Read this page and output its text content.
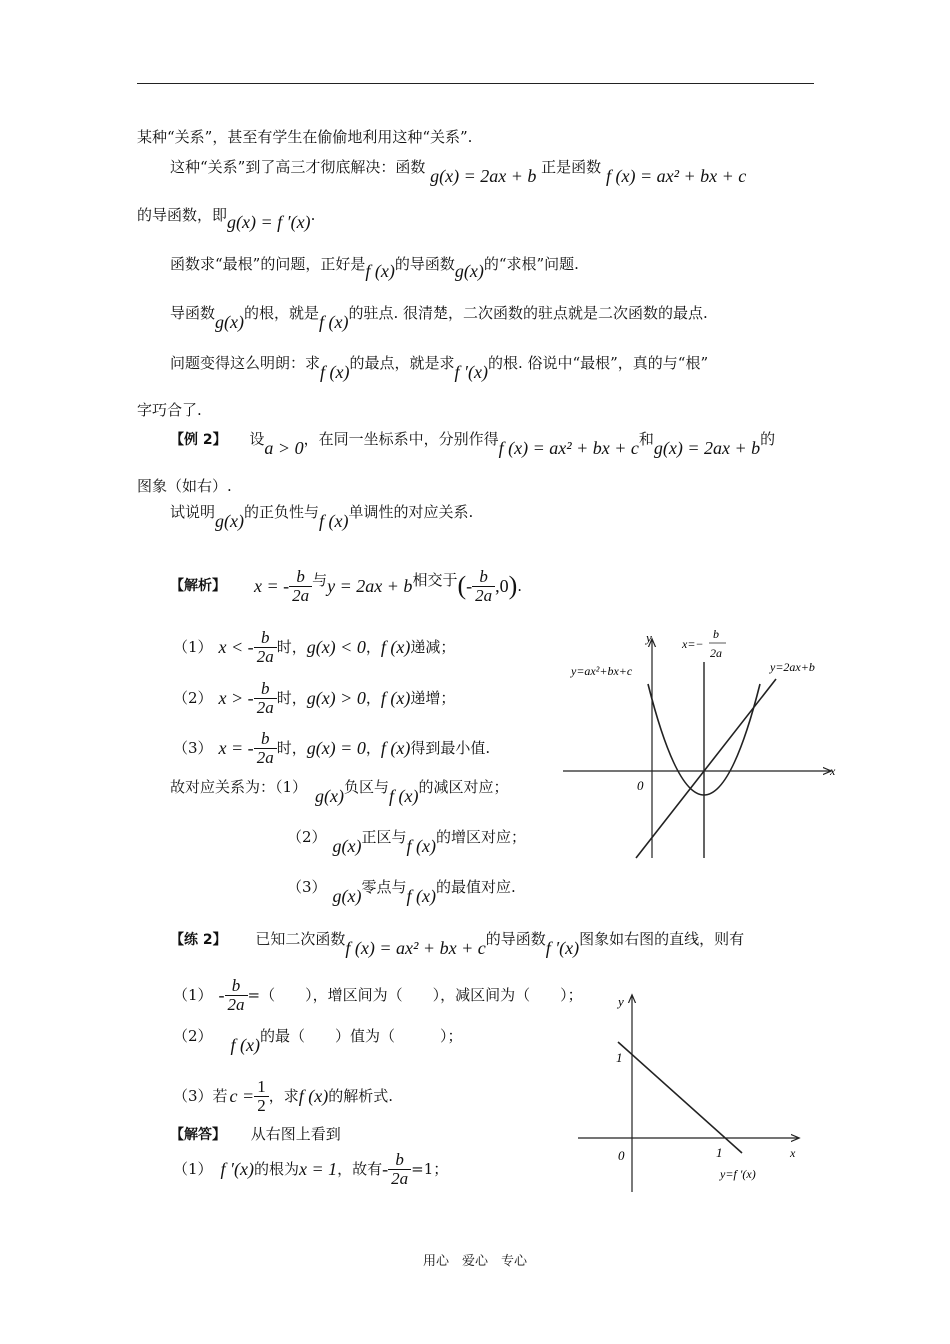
某种“关系”，甚至有学生在偷偷地利用这种“关系”.
这种“关系”到了高三才彻底解决：函数 g(x) = 2ax + b 正是函数 f (x) = ax² + bx + c
的导函数，即g(x) = f ′(x).
函数求“最根”的问题，正好是f (x)的导函数g(x)的“求根”问题.
导函数g(x)的根，就是f (x)的驻点. 很清楚，二次函数的驻点就是二次函数的最点.
问题变得这么明朗：求f (x)的最点，就是求f ′(x)的根. 俗说中“最根”，真的与“根”
字巧合了.
【例 2】 设a > 0，在同一坐标系中，分别作得f (x) = ax² + bx + c和g(x) = 2ax + b的
图象（如右）.
试说明g(x)的正负性与f (x)单调性的对应关系.
【解析】 x = - $\frac{b}{2a}$ 与 y = 2ax + b 相交于 ( - $\frac{b}{2a} ,0$ ) .
（1） x < - $\frac{b}{2a}$ 时， g(x) < 0 ， f (x) 递减；
（2） x > - $\frac{b}{2a}$ 时， g(x) > 0 ， f (x) 递增；
（3） x = - $\frac{b}{2a}$ 时， g(x) = 0 ， f (x) 得到最小值.
故对应关系为：（1） g(x)负区与f (x)的减区对应；
（2） g(x)正区与f (x)的增区对应；
（3） g(x)零点与f (x)的最值对应.
y
x
0
y=ax²+bx+c	y=2ax+b
x=−
b
2a
【练 2】 已知二次函数f (x) = ax² + bx + c的导函数f ′(x)图象如右图的直线，则有
$(1) - \frac{b}{2a}$ =（　　），增区间为（　　），减区间为（　　）；
（2） f (x)的最（　　）值为（　　　）；
（3）若 $c = \frac{1}{2}$ ，求 f (x) 的解析式.
【解答】 从右图上看到
（1） f ′(x) 的根为 x = 1 ，故有 - $\frac{b}{2a} =1$；
y
x
0
1
1
y=f ′(x)
用心　爱心　专心
